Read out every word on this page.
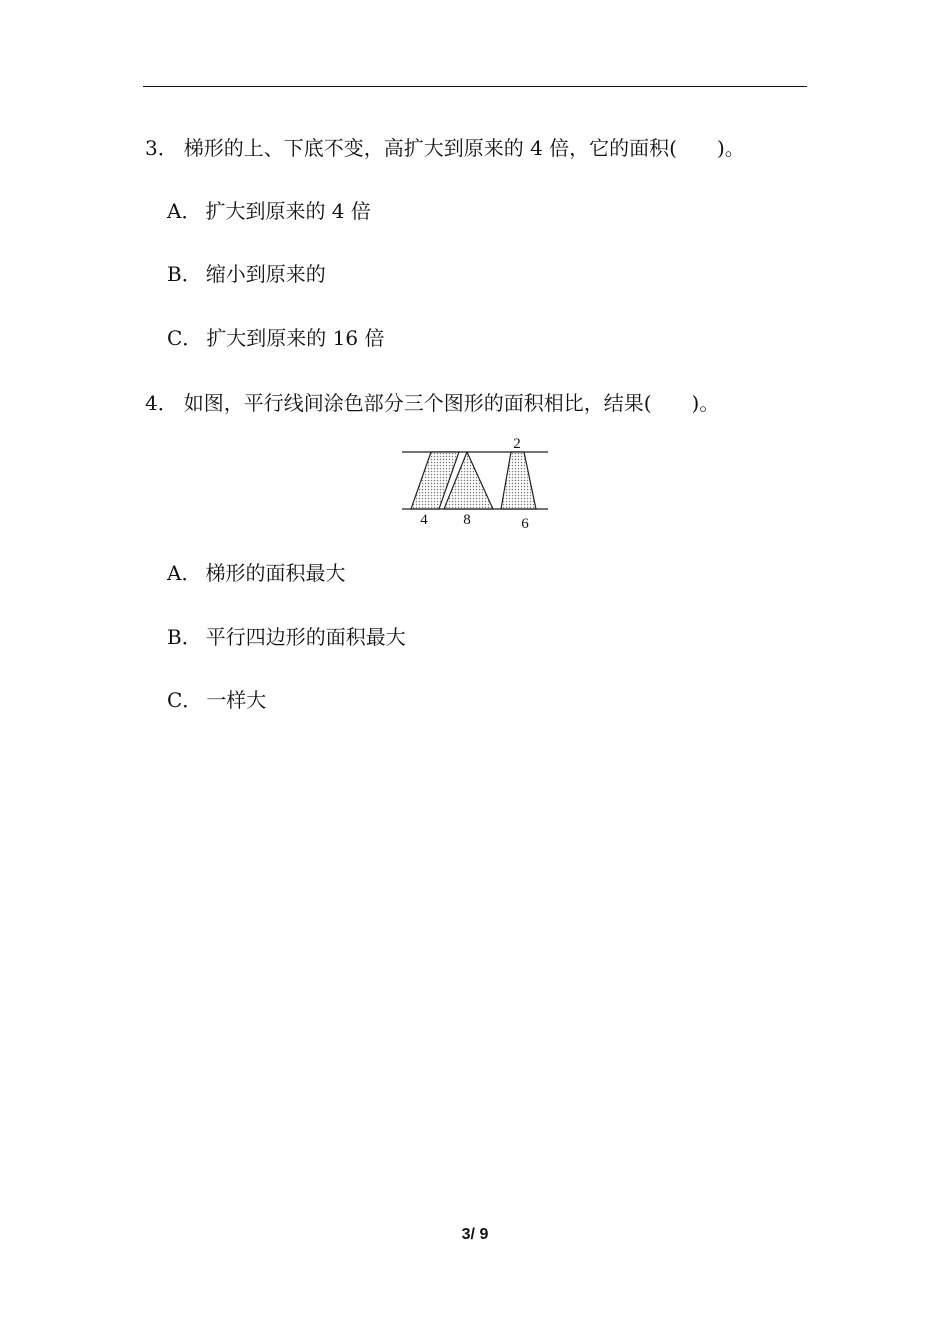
3． 梯形的上、下底不变，高扩大到原来的 4 倍，它的面积( )。
A． 扩大到原来的 4 倍
B． 缩小到原来的
C． 扩大到原来的 16 倍
4． 如图，平行线间涂色部分三个图形的面积相比，结果( )。
2
4 8	6
A． 梯形的面积最大
B． 平行四边形的面积最大
C． 一样大
3/ 9
